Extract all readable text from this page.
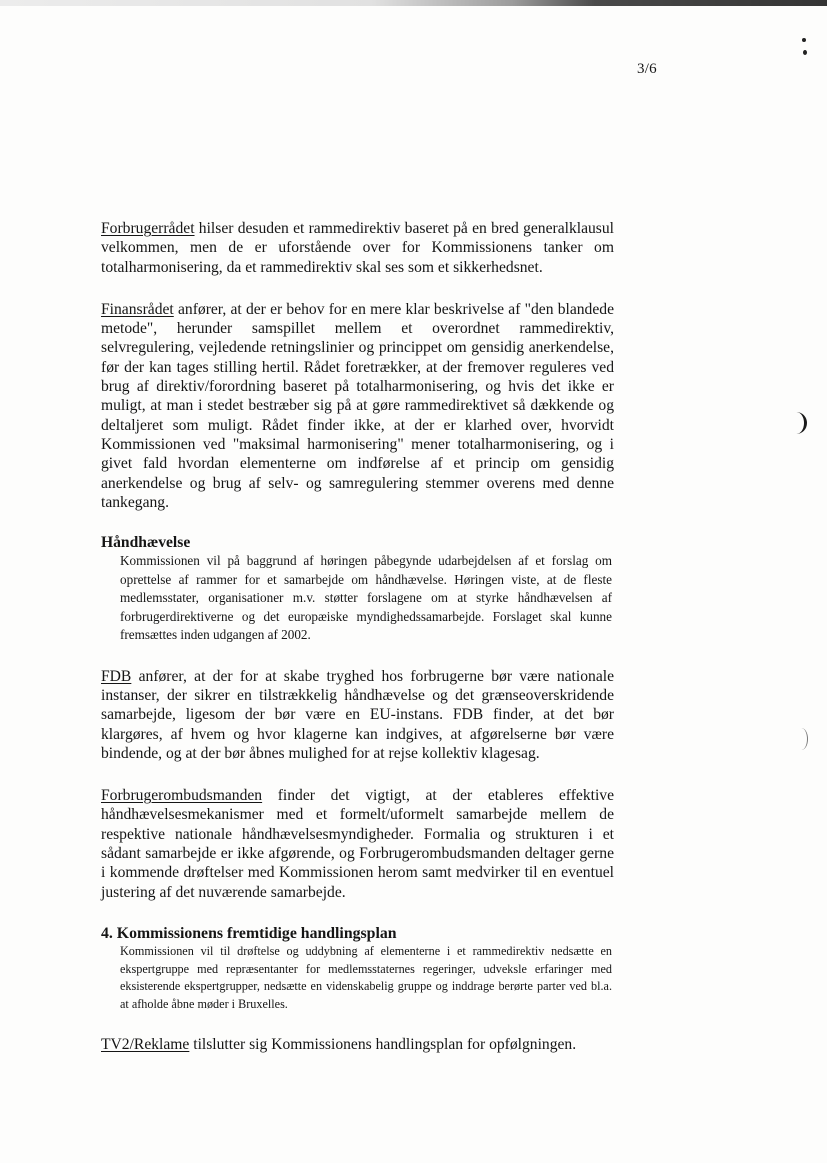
3/6

Forbrugerrådet hilser desuden et rammedirektiv baseret på en bred generalklausul velkommen, men de er uforstående over for Kommissionens tanker om totalharmonisering, da et rammedirektiv skal ses som et sikkerhedsnet.

Finansrådet anfører, at der er behov for en mere klar beskrivelse af "den blandede metode", herunder samspillet mellem et overordnet rammedirektiv, selvregulering, vejledende retningslinier og princippet om gensidig anerkendelse, før der kan tages stilling hertil. Rådet foretrækker, at der fremover reguleres ved brug af direktiv/forordning baseret på totalharmonisering, og hvis det ikke er muligt, at man i stedet bestræber sig på at gøre rammedirektivet så dækkende og deltaljeret som muligt. Rådet finder ikke, at der er klarhed over, hvorvidt Kommissionen ved "maksimal harmonisering" mener totalharmonisering, og i givet fald hvordan elementerne om indførelse af et princip om gensidig anerkendelse og brug af selv- og samregulering stemmer overens med denne tankegang.

Håndhævelse

Kommissionen vil på baggrund af høringen påbegynde udarbejdelsen af et forslag om oprettelse af rammer for et samarbejde om håndhævelse. Høringen viste, at de fleste medlemsstater, organisationer m.v. støtter forslagene om at styrke håndhævelsen af forbrugerdirektiverne og det europæiske myndighedssamarbejde. Forslaget skal kunne fremsættes inden udgangen af 2002.

FDB anfører, at der for at skabe tryghed hos forbrugerne bør være nationale instanser, der sikrer en tilstrækkelig håndhævelse og det grænseoverskridende samarbejde, ligesom der bør være en EU-instans. FDB finder, at det bør klargøres, af hvem og hvor klagerne kan indgives, at afgørelserne bør være bindende, og at der bør åbnes mulighed for at rejse kollektiv klagesag.

Forbrugerombudsmanden finder det vigtigt, at der etableres effektive håndhævelsesmekanismer med et formelt/uformelt samarbejde mellem de respektive nationale håndhævelsesmyndigheder. Formalia og strukturen i et sådant samarbejde er ikke afgørende, og Forbrugerombudsmanden deltager gerne i kommende drøftelser med Kommissionen herom samt medvirker til en eventuel justering af det nuværende samarbejde.

4. Kommissionens fremtidige handlingsplan

Kommissionen vil til drøftelse og uddybning af elementerne i et rammedirektiv nedsætte en ekspertgruppe med repræsentanter for medlemsstaternes regeringer, udveksle erfaringer med eksisterende ekspertgrupper, nedsætte en videnskabelig gruppe og inddrage berørte parter ved bl.a. at afholde åbne møder i Bruxelles.

TV2/Reklame tilslutter sig Kommissionens handlingsplan for opfølgningen.
